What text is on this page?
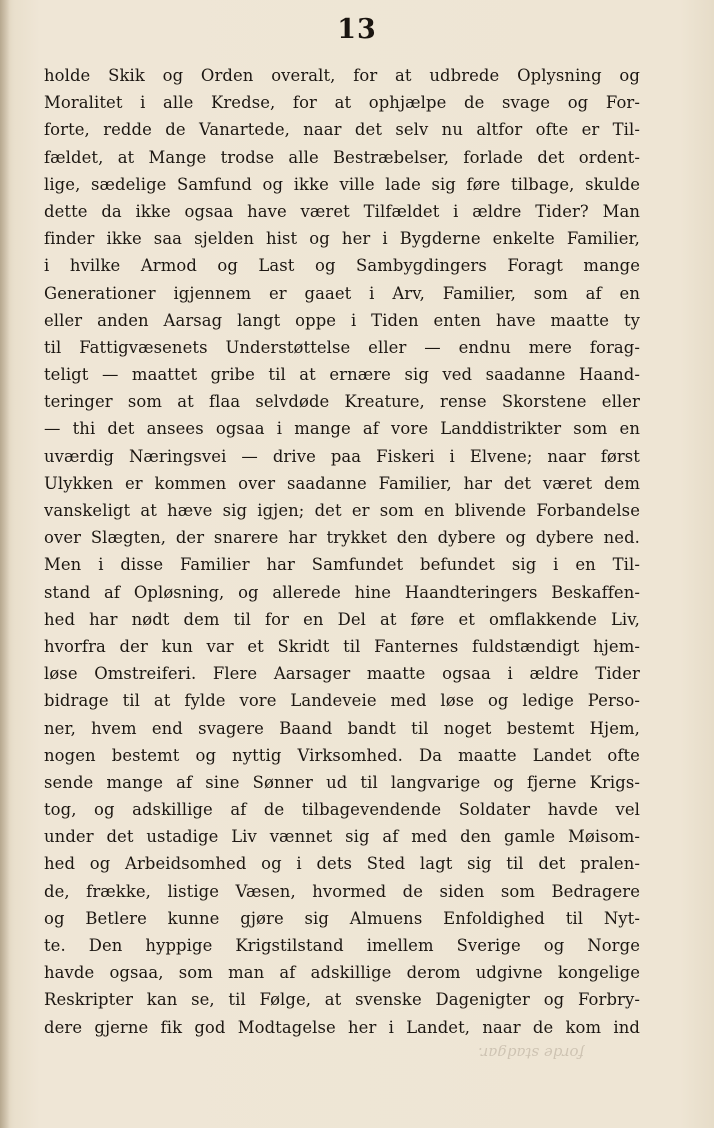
13
holde Skik og Orden overalt, for at udbrede Oplysning og
Moralitet i alle Kredse, for at ophjælpe de svage og For-
forte, redde de Vanartede, naar det selv nu altfor ofte er Til-
fældet, at Mange trodse alle Bestræbelser, forlade det ordent-
lige, sædelige Samfund og ikke ville lade sig føre tilbage, skulde
dette da ikke ogsaa have været Tilfældet i ældre Tider? Man
finder ikke saa sjelden hist og her i Bygderne enkelte Familier,
i hvilke Armod og Last og Sambygdingers Foragt mange
Generationer igjennem er gaaet i Arv, Familier, som af en
eller anden Aarsag langt oppe i Tiden enten have maatte ty
til Fattigvæsenets Understøttelse eller — endnu mere forag-
teligt — maattet gribe til at ernære sig ved saadanne Haand-
teringer som at flaa selvdøde Kreature, rense Skorstene eller
— thi det ansees ogsaa i mange af vore Landdistrikter som en
uværdig Næringsvei — drive paa Fiskeri i Elvene; naar først
Ulykken er kommen over saadanne Familier, har det været dem
vanskeligt at hæve sig igjen; det er som en blivende Forbandelse
over Slægten, der snarere har trykket den dybere og dybere ned.
Men i disse Familier har Samfundet befundet sig i en Til-
stand af Opløsning, og allerede hine Haandteringers Beskaffen-
hed har nødt dem til for en Del at føre et omflakkende Liv,
hvorfra der kun var et Skridt til Fanternes fuldstændigt hjem-
løse Omstreiferi. Flere Aarsager maatte ogsaa i ældre Tider
bidrage til at fylde vore Landeveie med løse og ledige Perso-
ner, hvem end svagere Baand bandt til noget bestemt Hjem,
nogen bestemt og nyttig Virksomhed. Da maatte Landet ofte
sende mange af sine Sønner ud til langvarige og fjerne Krigs-
tog, og adskillige af de tilbagevendende Soldater havde vel
under det ustadige Liv vænnet sig af med den gamle Møisom-
hed og Arbeidsomhed og i dets Sted lagt sig til det pralen-
de, frække, listige Væsen, hvormed de siden som Bedragere
og Betlere kunne gjøre sig Almuens Enfoldighed til Nyt-
te. Den hyppige Krigstilstand imellem Sverige og Norge
havde ogsaa, som man af adskillige derom udgivne kongelige
Reskripter kan se, til Følge, at svenske Dagenigter og Forbry-
dere gjerne fik god Modtagelse her i Landet, naar de kom ind
forde stadgar.
